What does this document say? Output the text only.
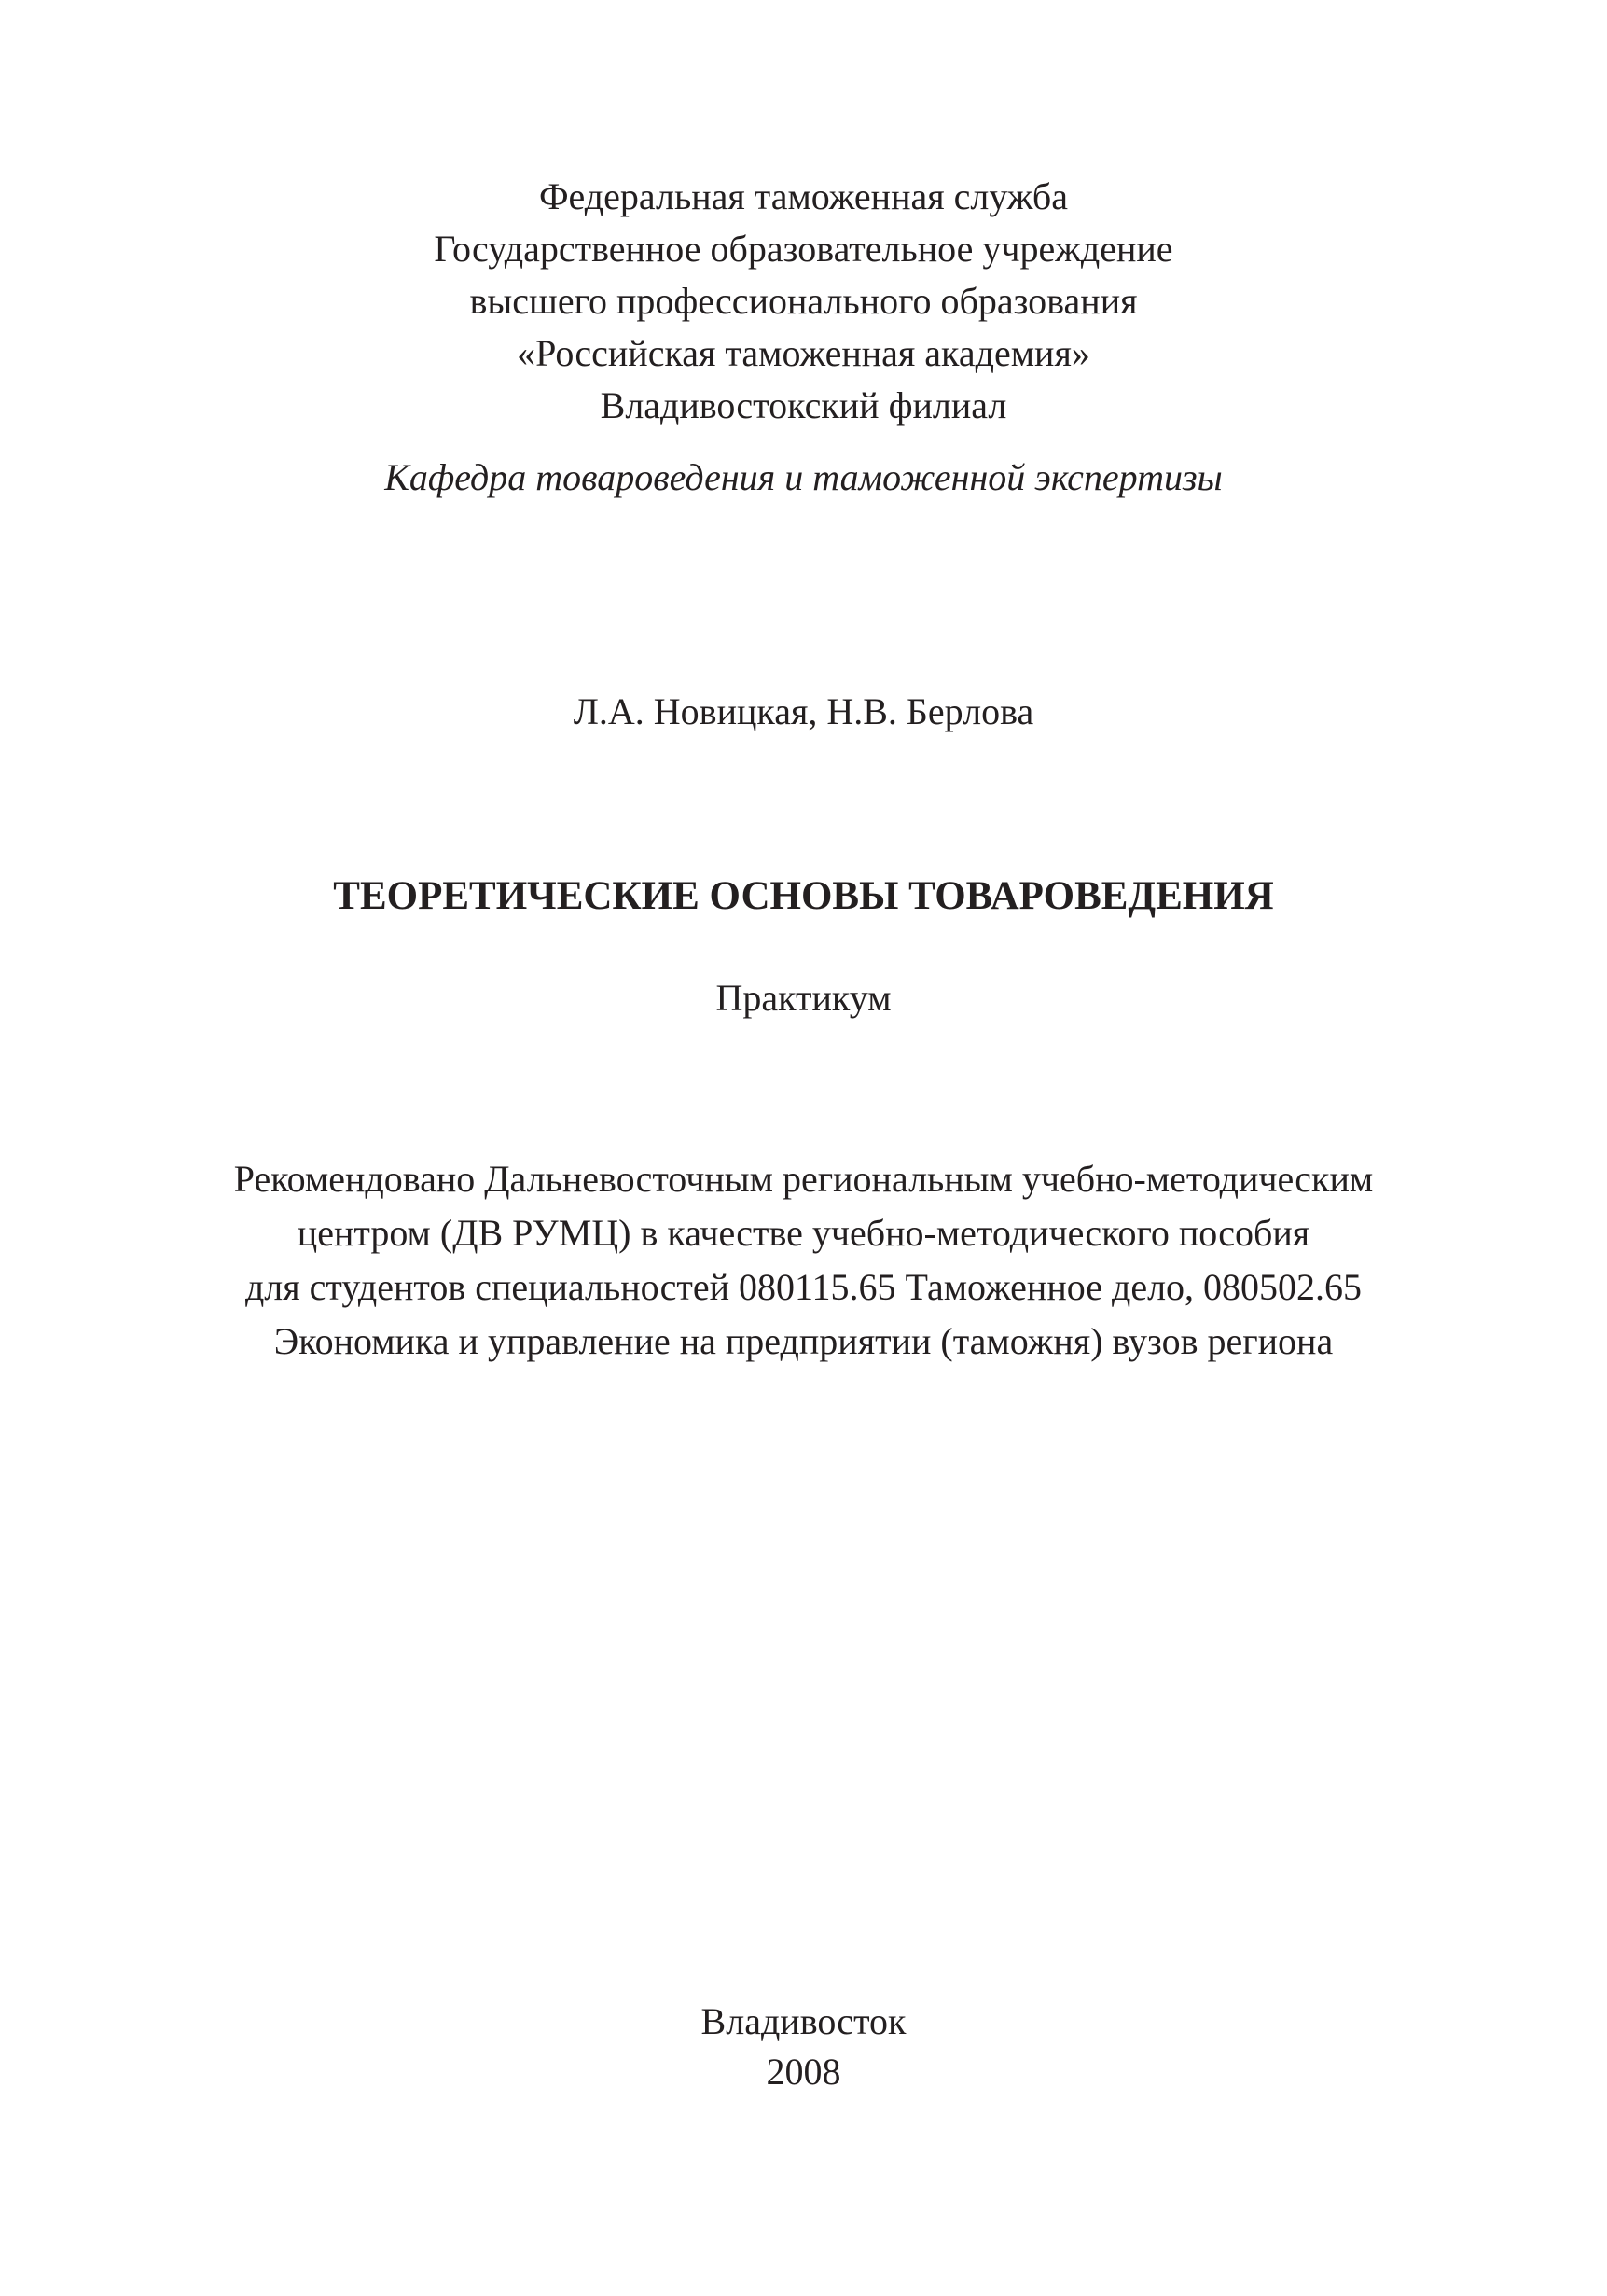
Федеральная таможенная служба
Государственное образовательное учреждение
высшего профессионального образования
«Российская таможенная академия»
Владивостокский филиал
Кафедра товароведения и таможенной экспертизы
Л.А. Новицкая, Н.В. Берлова
ТЕОРЕТИЧЕСКИЕ ОСНОВЫ ТОВАРОВЕДЕНИЯ
Практикум
Рекомендовано Дальневосточным региональным учебно-методическим
центром (ДВ РУМЦ) в качестве учебно-методического пособия
для студентов специальностей 080115.65 Таможенное дело, 080502.65
Экономика и управление на предприятии (таможня) вузов региона
Владивосток
2008
